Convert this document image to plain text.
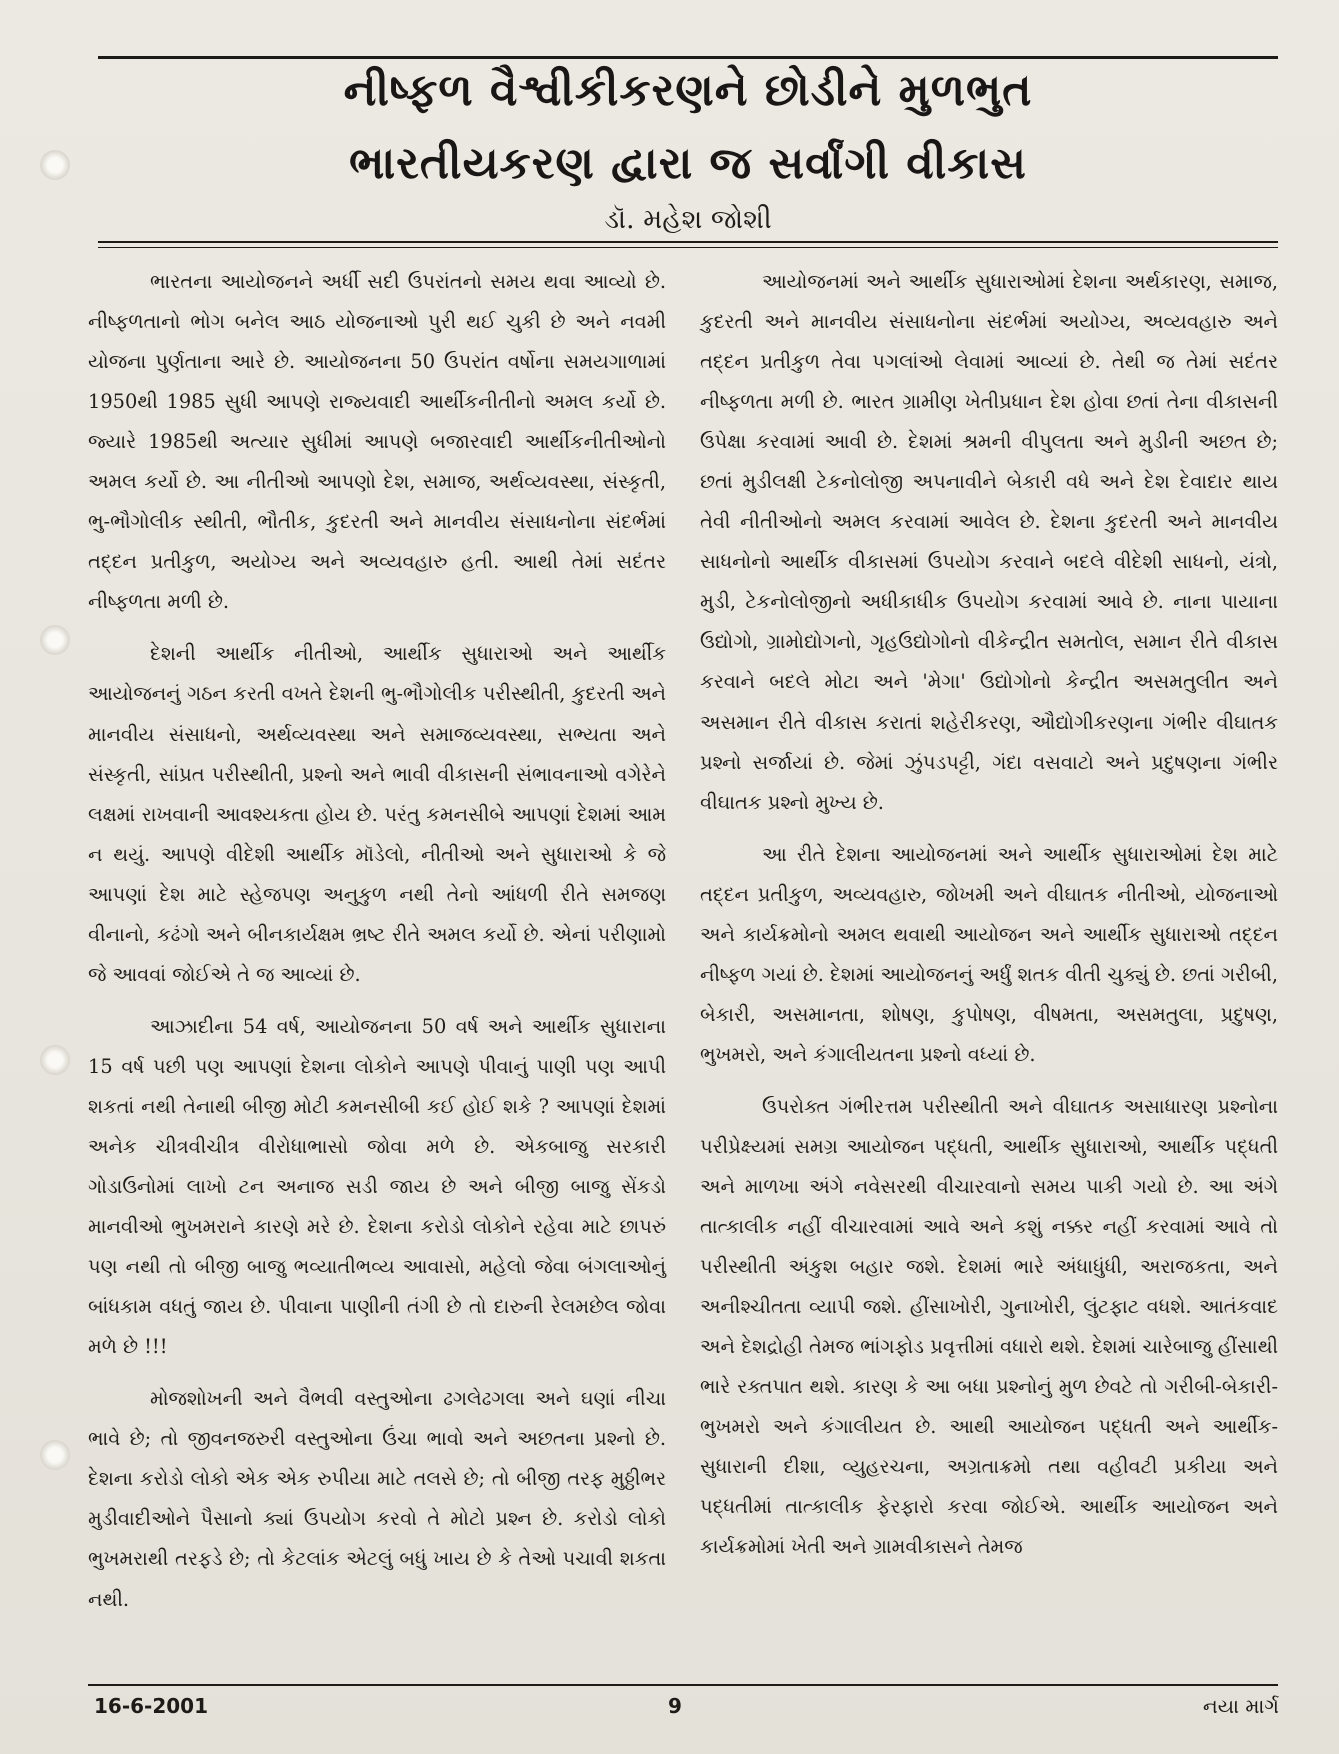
નીષ્ફળ વૈશ્વીકીકરણને છોડીને મુળભુત
ભારતીયકરણ દ્વારા જ સર્વાંગી વીકાસ
ડૉ. મહેશ જોશી

ભારતના આયોજનને અર્ધી સદી ઉપરાંતનો સમય થવા આવ્યો છે. નીષ્ફળતાનો ભોગ બનેલ આઠ યોજનાઓ પુરી થઈ ચુકી છે અને નવમી યોજના પુર્ણતાના આરે છે. આયોજનના 50 ઉપરાંત વર્ષોના સમયગાળામાં 1950થી 1985 સુધી આપણે રાજ્યવાદી આર્થીકનીતીનો અમલ કર્યો છે. જ્યારે 1985થી અત્યાર સુધીમાં આપણે બજારવાદી આર્થીકનીતીઓનો અમલ કર્યો છે. આ નીતીઓ આપણો દેશ, સમાજ, અર્થવ્યવસ્થા, સંસ્કૃતી, ભુ-ભૌગોલીક સ્થીતી, ભૌતીક, કુદરતી અને માનવીય સંસાધનોના સંદર્ભમાં તદ્દન પ્રતીકુળ, અયોગ્ય અને અવ્યવહારુ હતી. આથી તેમાં સદંતર નીષ્ફળતા મળી છે.

દેશની આર્થીક નીતીઓ, આર્થીક સુધારાઓ અને આર્થીક આયોજનનું ગઠન કરતી વખતે દેશની ભુ-ભૌગોલીક પરીસ્થીતી, કુદરતી અને માનવીય સંસાધનો, અર્થવ્યવસ્થા અને સમાજવ્યવસ્થા, સભ્યતા અને સંસ્કૃતી, સાંપ્રત પરીસ્થીતી, પ્રશ્નો અને ભાવી વીકાસની સંભાવનાઓ વગેરેને લક્ષમાં રાખવાની આવશ્યકતા હોય છે. પરંતુ કમનસીબે આપણાં દેશમાં આમ ન થયું. આપણે વીદેશી આર્થીક મૉડેલો, નીતીઓ અને સુધારાઓ કે જે આપણાં દેશ માટે સ્હેજપણ અનુકુળ નથી તેનો આંધળી રીતે સમજણ વીનાનો, કઢંગો અને બીનકાર્યક્ષમ ભ્રષ્ટ રીતે અમલ કર્યો છે. એનાં પરીણામો જે આવવાં જોઈએ તે જ આવ્યાં છે.

આઝાદીના 54 વર્ષ, આયોજનના 50 વર્ષ અને આર્થીક સુધારાના 15 વર્ષ પછી પણ આપણાં દેશના લોકોને આપણે પીવાનું પાણી પણ આપી શકતાં નથી તેનાથી બીજી મોટી કમનસીબી કઈ હોઈ શકે ? આપણાં દેશમાં અનેક ચીત્રવીચીત્ર વીરોધાભાસો જોવા મળે છે. એકબાજુ સરકારી ગોડાઉનોમાં લાખો ટન અનાજ સડી જાય છે અને બીજી બાજુ સેંકડો માનવીઓ ભુખમરાને કારણે મરે છે. દેશના કરોડો લોકોને રહેવા માટે છાપરું પણ નથી તો બીજી બાજુ ભવ્યાતીભવ્ય આવાસો, મહેલો જેવા બંગલાઓનું બાંધકામ વધતું જાય છે. પીવાના પાણીની તંગી છે તો દારુની રેલમછેલ જોવા મળે છે !!!

મોજશોખની અને વૈભવી વસ્તુઓના ઢગલેઢગલા અને ઘણાં નીચા ભાવે છે; તો જીવનજરુરી વસ્તુઓના ઉંચા ભાવો અને અછતના પ્રશ્નો છે. દેશના કરોડો લોકો એક એક રુપીયા માટે તલસે છે; તો બીજી તરફ મુઠ્ઠીભર મુડીવાદીઓને પૈસાનો ક્યાં ઉપયોગ કરવો તે મોટો પ્રશ્ન છે. કરોડો લોકો ભુખમરાથી તરફડે છે; તો કેટલાંક એટલું બધું ખાય છે કે તેઓ પચાવી શકતા નથી.

આયોજનમાં અને આર્થીક સુધારાઓમાં દેશના અર્થકારણ, સમાજ, કુદરતી અને માનવીય સંસાધનોના સંદર્ભમાં અયોગ્ય, અવ્યવહારુ અને તદ્દન પ્રતીકુળ તેવા પગલાંઓ લેવામાં આવ્યાં છે. તેથી જ તેમાં સદંતર નીષ્ફળતા મળી છે. ભારત ગ્રામીણ ખેતીપ્રધાન દેશ હોવા છતાં તેના વીકાસની ઉપેક્ષા કરવામાં આવી છે. દેશમાં શ્રમની વીપુલતા અને મુડીની અછત છે; છતાં મુડીલક્ષી ટેકનોલોજી અપનાવીને બેકારી વધે અને દેશ દેવાદાર થાય તેવી નીતીઓનો અમલ કરવામાં આવેલ છે. દેશના કુદરતી અને માનવીય સાધનોનો આર્થીક વીકાસમાં ઉપયોગ કરવાને બદલે વીદેશી સાધનો, યંત્રો, મુડી, ટેકનોલોજીનો અધીકાધીક ઉપયોગ કરવામાં આવે છે. નાના પાયાના ઉદ્યોગો, ગ્રામોદ્યોગનો, ગૃહઉદ્યોગોનો વીકેન્દ્રીત સમતોલ, સમાન રીતે વીકાસ કરવાને બદલે મોટા અને 'મેગા' ઉદ્યોગોનો કેન્દ્રીત અસમતુલીત અને અસમાન રીતે વીકાસ કરાતાં શહેરીકરણ, ઔદ્યોગીકરણના ગંભીર વીઘાતક પ્રશ્નો સર્જાયાં છે. જેમાં ઝુંપડપટ્ટી, ગંદા વસવાટો અને પ્રદુષણના ગંભીર વીઘાતક પ્રશ્નો મુખ્ય છે.

આ રીતે દેશના આયોજનમાં અને આર્થીક સુધારાઓમાં દેશ માટે તદ્દન પ્રતીકુળ, અવ્યવહારુ, જોખમી અને વીઘાતક નીતીઓ, યોજનાઓ અને કાર્યક્રમોનો અમલ થવાથી આયોજન અને આર્થીક સુધારાઓ તદ્દન નીષ્ફળ ગયાં છે. દેશમાં આયોજનનું અર્ધું શતક વીતી ચુક્યું છે. છતાં ગરીબી, બેકારી, અસમાનતા, શોષણ, કુપોષણ, વીષમતા, અસમતુલા, પ્રદુષણ, ભુખમરો, અને કંગાલીયતના પ્રશ્નો વધ્યાં છે.

ઉપરોક્ત ગંભીરત્તમ પરીસ્થીતી અને વીઘાતક અસાધારણ પ્રશ્નોના પરીપ્રેક્ષ્યમાં સમગ્ર આયોજન પદ્ધતી, આર્થીક સુધારાઓ, આર્થીક પદ્ધતી અને માળખા અંગે નવેસરથી વીચારવાનો સમય પાકી ગયો છે. આ અંગે તાત્કાલીક નહીં વીચારવામાં આવે અને કશું નક્કર નહીં કરવામાં આવે તો પરીસ્થીતી અંકુશ બહાર જશે. દેશમાં ભારે અંધાધુંધી, અરાજકતા, અને અનીશ્ચીતતા વ્યાપી જશે. હીંસાખોરી, ગુનાખોરી, લુંટફાટ વધશે. આતંકવાદ અને દેશદ્રોહી તેમજ ભાંગફોડ પ્રવૃત્તીમાં વધારો થશે. દેશમાં ચારેબાજુ હીંસાથી ભારે રક્તપાત થશે. કારણ કે આ બધા પ્રશ્નોનું મુળ છેવટે તો ગરીબી-બેકારી- ભુખમરો અને કંગાલીયત છે. આથી આયોજન પદ્ધતી અને આર્થીક-સુધારાની દીશા, વ્યુહરચના, અગ્રતાક્રમો તથા વહીવટી પ્રકીયા અને પદ્ધતીમાં તાત્કાલીક ફેરફારો કરવા જોઈએ. આર્થીક આયોજન અને કાર્યક્રમોમાં ખેતી અને ગ્રામવીકાસને તેમજ

16-6-2001	9	નયા માર્ગ
